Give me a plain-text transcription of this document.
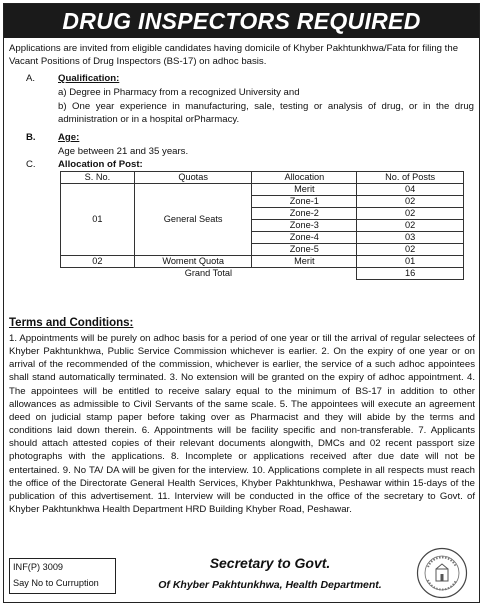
DRUG INSPECTORS REQUIRED
Applications are invited from eligible candidates having domicile of Khyber Pakhtunkhwa/Fata for filing the Vacant Positions of Drug Inspectors (BS-17) on adhoc basis.
A. Qualification:
a) Degree in Pharmacy from a recognized University and
b) One year experience in manufacturing, sale, testing or analysis of drug, or in the drug administration or in a hospital orPharmacy.
B. Age:
Age between 21 and 35 years.
C. Allocation of Post:
S. No.	Quotas	Allocation	No. of Posts
01	General Seats	Merit	04
		Zone-1	02
		Zone-2	02
		Zone-3	02
		Zone-4	03
		Zone-5	02
02	Woment Quota	Merit	01
Grand Total			16
Terms and Conditions:
1. Appointments will be purely on adhoc basis for a period of one year or till the arrival of regular selectees of Khyber Pakhtunkhwa, Public Service Commission whichever is earlier. 2. On the expiry of one year or on arrival of the recommended of the commission, whichever is earlier, the service of a such adhoc appointees shall stand automatically terminated. 3. No extension will be granted on the expiry of adhoc appointment. 4. The appointees will be entitled to receive salary equal to the minimum of BS-17 in addition to other allowances as admissible to Civil Servants of the same scale. 5. The appointees will execute an agreement deed on judicial stamp paper before taking over as Pharmacist and they will abide by the terms and conditions laid down therein. 6. Appointments will be facility specific and non-transferable. 7. Applicants should attach attested copies of their relevant documents alongwith, DMCs and 02 recent passport size photographs with the applications. 8. Incomplete or applications received after due date will not be entertained. 9. No TA/ DA will be given for the interview. 10. Applications complete in all respects must reach the office of the Directorate General Health Services, Khyber Pakhtunkhwa, Peshawar within 15-days of the publication of this advertisement. 11. Interview will be conducted in the office of the secretary to Govt. of Khyber Pakhtunkhwa Health Department HRD Building Khyber Road, Peshawar.
INF(P) 3009
Say No to Curruption
Secretary to Govt.
Of Khyber Pakhtunkhwa, Health Department.
